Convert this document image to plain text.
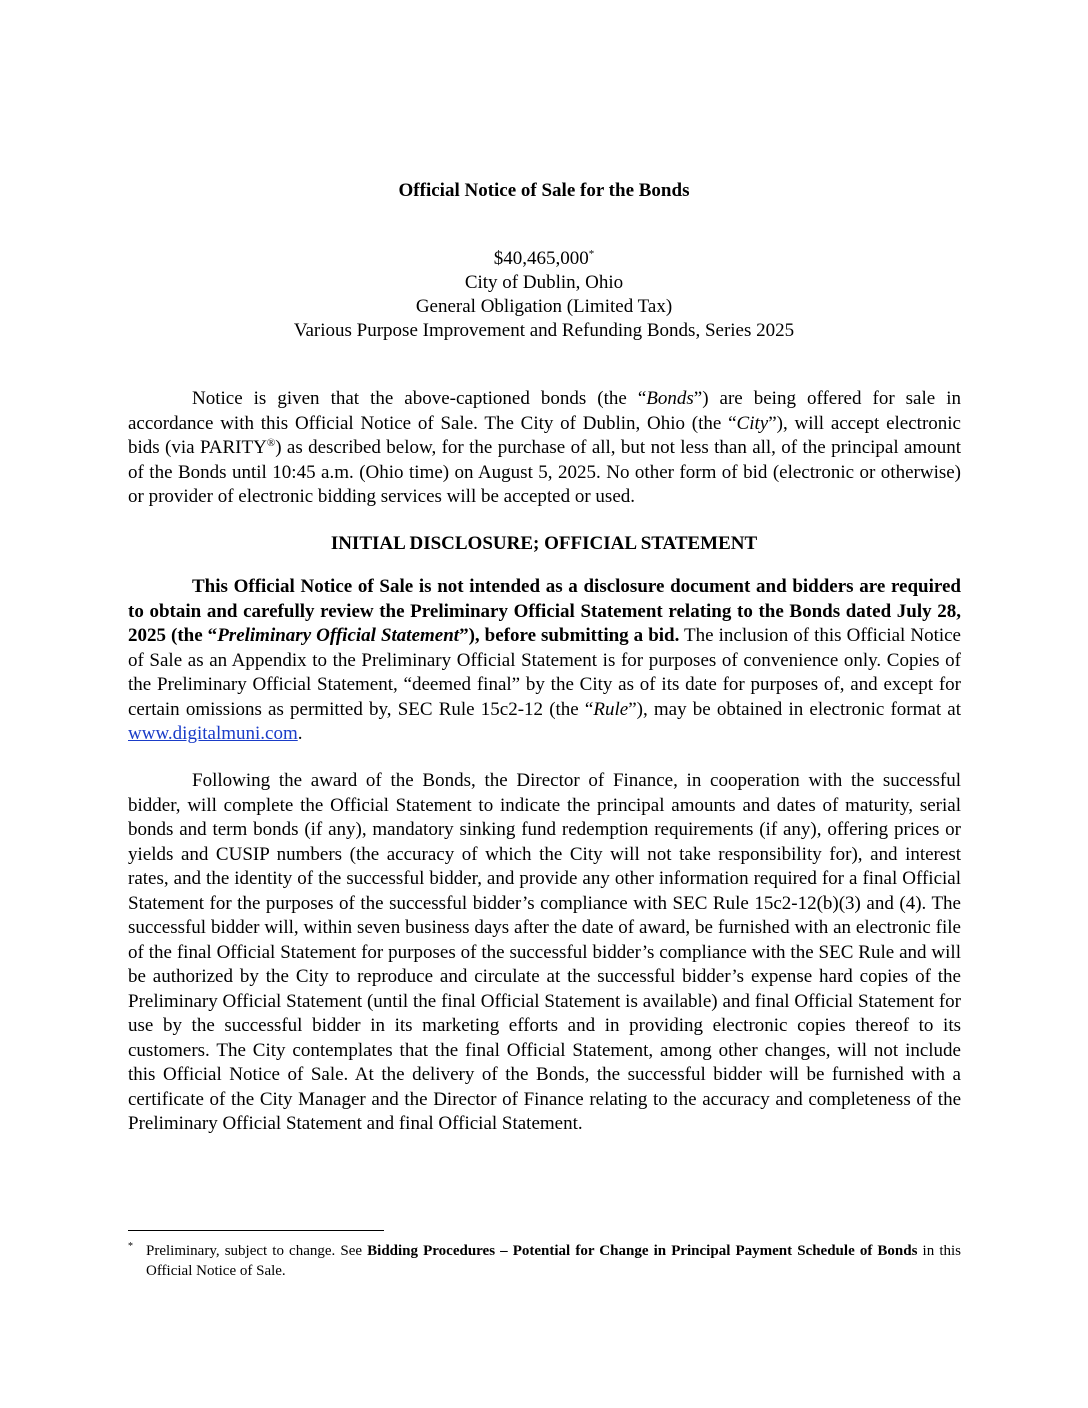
Official Notice of Sale for the Bonds
$40,465,000*
City of Dublin, Ohio
General Obligation (Limited Tax)
Various Purpose Improvement and Refunding Bonds, Series 2025

Notice is given that the above-captioned bonds (the “Bonds”) are being offered for sale in accordance with this Official Notice of Sale. The City of Dublin, Ohio (the “City”), will accept electronic bids (via PARITY®) as described below, for the purchase of all, but not less than all, of the principal amount of the Bonds until 10:45 a.m. (Ohio time) on August 5, 2025. No other form of bid (electronic or otherwise) or provider of electronic bidding services will be accepted or used.

INITIAL DISCLOSURE; OFFICIAL STATEMENT

This Official Notice of Sale is not intended as a disclosure document and bidders are required to obtain and carefully review the Preliminary Official Statement relating to the Bonds dated July 28, 2025 (the “Preliminary Official Statement”), before submitting a bid. The inclusion of this Official Notice of Sale as an Appendix to the Preliminary Official Statement is for purposes of convenience only. Copies of the Preliminary Official Statement, “deemed final” by the City as of its date for purposes of, and except for certain omissions as permitted by, SEC Rule 15c2-12 (the “Rule”), may be obtained in electronic format at www.digitalmuni.com.

Following the award of the Bonds, the Director of Finance, in cooperation with the successful bidder, will complete the Official Statement to indicate the principal amounts and dates of maturity, serial bonds and term bonds (if any), mandatory sinking fund redemption requirements (if any), offering prices or yields and CUSIP numbers (the accuracy of which the City will not take responsibility for), and interest rates, and the identity of the successful bidder, and provide any other information required for a final Official Statement for the purposes of the successful bidder’s compliance with SEC Rule 15c2-12(b)(3) and (4). The successful bidder will, within seven business days after the date of award, be furnished with an electronic file of the final Official Statement for purposes of the successful bidder’s compliance with the SEC Rule and will be authorized by the City to reproduce and circulate at the successful bidder’s expense hard copies of the Preliminary Official Statement (until the final Official Statement is available) and final Official Statement for use by the successful bidder in its marketing efforts and in providing electronic copies thereof to its customers. The City contemplates that the final Official Statement, among other changes, will not include this Official Notice of Sale. At the delivery of the Bonds, the successful bidder will be furnished with a certificate of the City Manager and the Director of Finance relating to the accuracy and completeness of the Preliminary Official Statement and final Official Statement.

* Preliminary, subject to change. See Bidding Procedures – Potential for Change in Principal Payment Schedule of Bonds in this Official Notice of Sale.
